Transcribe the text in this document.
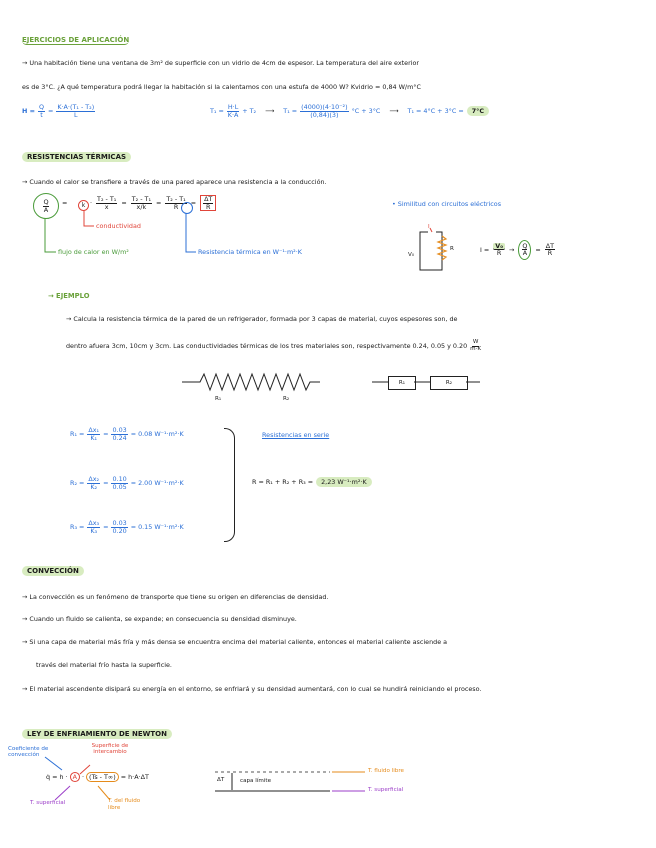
EJERCICIOS DE APLICACIÓN
→ Una habitación tiene una ventana de 3m² de superficie con un vidrio de 4cm de espesor. La temperatura del aire exterior
es de 3°C. ¿A qué temperatura podrá llegar la habitación si la calentamos con una estufa de 4000 W? Kvidrio = 0,84 W/m°C
$H = \frac{Q}{t} = \frac{\text{K·A·(T₁ - T₂)}}{L}$	$T_1 = \frac{H\cdot L}{K\cdot A} + T_2$ ⟶ $T_1 = \frac{\text{(4000)(4·10⁻²)}}{(0,84)(3)} ^\circ C + 3^\circ C$ ⟶ T₁ = 4°C + 3°C =	7°C
RESISTENCIAS TÉRMICAS
→ Cuando el calor se transfiere a través de una pared aparece una resistencia a la conducción.
Q
A
=	$k \cdot \frac{\text{T₂ - T₁}}{x} = \frac{\text{T₂ - T₁}}{x/k} = \frac{\text{T₂ - T₁}}{R} = \frac{\Delta T}{R}$
conductividad
flujo de calor en W/m²	Resistencia térmica en W⁻¹·m²·K
• Similitud con circuitos eléctricos
I
V₀
R	$I = \frac{\text{V₀}}{R} \to \frac{Q}{A} = \frac{\Delta T}{R}$
→ EJEMPLO
→ Calcula la resistencia térmica de la pared de un refrigerador, formada por 3 capas de material, cuyos espesores son, de
dentro afuera 3cm, 10cm y 3cm. Las conductividades térmicas de los tres materiales son, respectivamente 0.24, 0.05 y $0.20 \frac{W}{m\cdot K}$
R₁	R₂
R₁	R₂
$R_1 = \frac{\text{Δx₁}}{\text{K₁}} = \frac{0.03}{0.24} = 0.08$ W⁻¹·m²·K
$R_2 = \frac{\text{Δx₂}}{\text{K₂}} = \frac{0.10}{0.05} = 2.00$ W⁻¹·m²·K
$R_3 = \frac{\text{Δx₃}}{\text{K₃}} = \frac{0.03}{0.20} = 0.15$ W⁻¹·m²·K
Resistencias en serie
R = R₁ + R₂ + R₃ =	2,23 W⁻¹·m²·K
CONVECCIÓN
→ La convección es un fenómeno de transporte que tiene su origen en diferencias de densidad.
→ Cuando un fluido se calienta, se expande; en consecuencia su densidad disminuye.
→ Si una capa de material más fría y más densa se encuentra encima del material caliente, entonces el material caliente asciende a
través del material frío hasta la superficie.
→ El material ascendente disipará su energía en el entorno, se enfriará y su densidad aumentará, con lo cual se hundirá reiniciando el proceso.
LEY DE ENFRIAMIENTO DE NEWTON
Coeficiente de convección
Superficie de intercambio
q̇ = h · A · (Ts - T∞) = h·A·ΔT
T. superficial	T. del fluido libre
ΔT	capa límite
T. fluido libre
T. superficial
